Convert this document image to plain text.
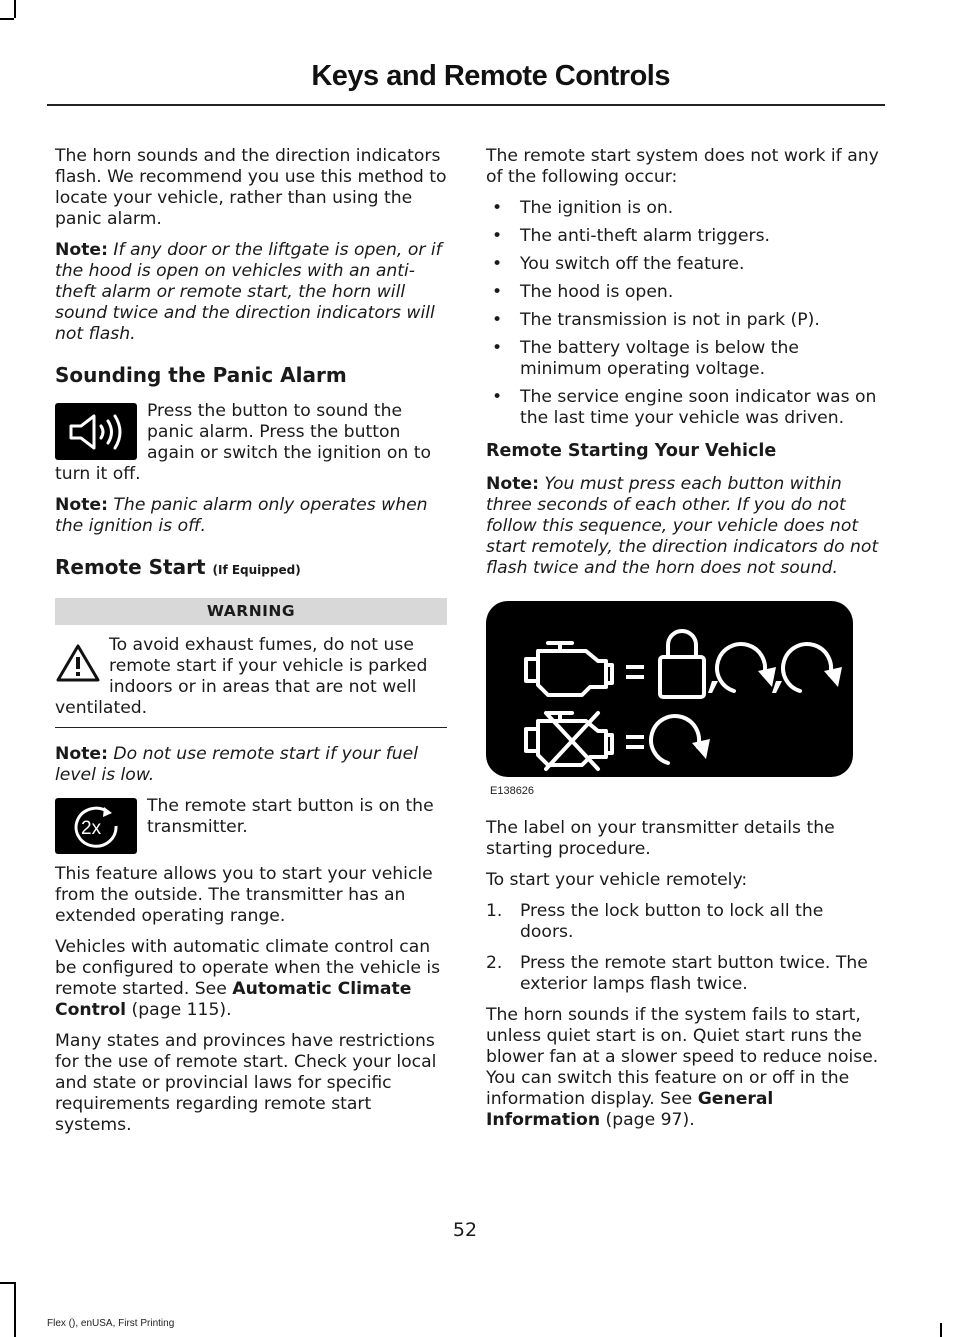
Keys and Remote Controls

The horn sounds and the direction indicators flash. We recommend you use this method to locate your vehicle, rather than using the panic alarm.

Note: If any door or the liftgate is open, or if the hood is open on vehicles with an anti-theft alarm or remote start, the horn will sound twice and the direction indicators will not flash.

Sounding the Panic Alarm

Press the button to sound the panic alarm. Press the button again or switch the ignition on to turn it off.

Note: The panic alarm only operates when the ignition is off.

Remote Start (If Equipped)
WARNING

To avoid exhaust fumes, do not use remote start if your vehicle is parked indoors or in areas that are not well ventilated.

Note: Do not use remote start if your fuel level is low.

2x

The remote start button is on the transmitter.

This feature allows you to start your vehicle from the outside. The transmitter has an extended operating range.

Vehicles with automatic climate control can be configured to operate when the vehicle is remote started. See Automatic Climate Control (page 115).

Many states and provinces have restrictions for the use of remote start. Check your local and state or provincial laws for specific requirements regarding remote start systems.

The remote start system does not work if any of the following occur:

• The ignition is on.
• The anti-theft alarm triggers.
• You switch off the feature.
• The hood is open.
• The transmission is not in park (P).
• The battery voltage is below the minimum operating voltage.
• The service engine soon indicator was on the last time your vehicle was driven.
Remote Starting Your Vehicle

Note: You must press each button within three seconds of each other. If you do not follow this sequence, your vehicle does not start remotely, the direction indicators do not flash twice and the horn does not sound.

E138626

The label on your transmitter details the starting procedure.

To start your vehicle remotely:

1. Press the lock button to lock all the doors.
2. Press the remote start button twice. The exterior lamps flash twice.

The horn sounds if the system fails to start, unless quiet start is on. Quiet start runs the blower fan at a slower speed to reduce noise. You can switch this feature on or off in the information display. See General Information (page 97).

52
Flex (), enUSA, First Printing
